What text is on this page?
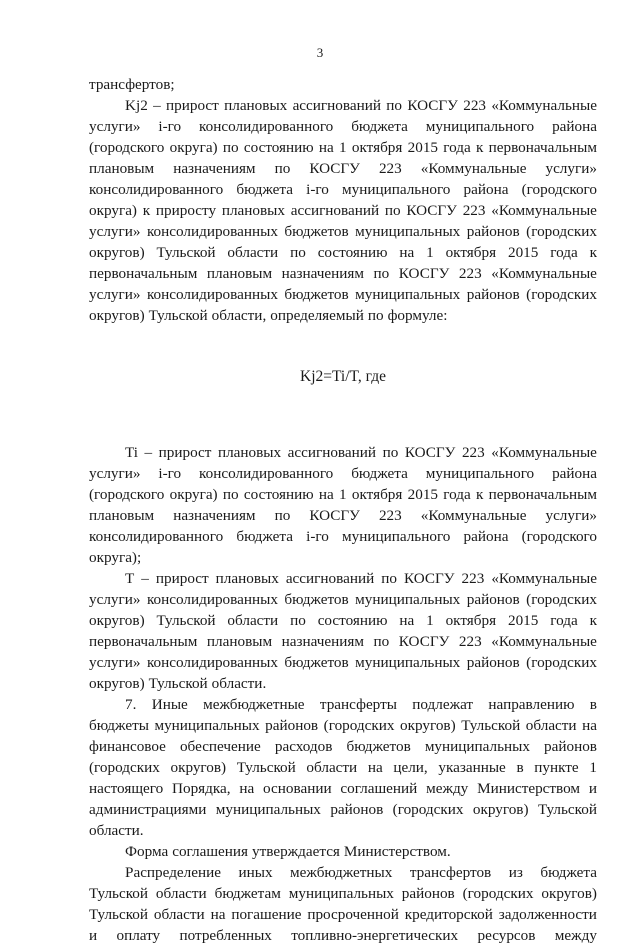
3
трансфертов;
Kj2 – прирост плановых ассигнований по КОСГУ 223 «Коммунальные
услуги» i-го консолидированного бюджета муниципального района
(городского округа) по состоянию на 1 октября 2015 года к первоначальным
плановым назначениям по КОСГУ 223 «Коммунальные услуги»
консолидированного бюджета i-го муниципального района (городского
округа) к приросту плановых ассигнований по КОСГУ 223 «Коммунальные
услуги» консолидированных бюджетов муниципальных районов (городских
округов) Тульской области по состоянию на 1 октября 2015 года к
первоначальным плановым назначениям по КОСГУ 223 «Коммунальные
услуги» консолидированных бюджетов муниципальных районов (городских
округов) Тульской области, определяемый по формуле:
Kj2=Ti/T, где
Ti – прирост плановых ассигнований по КОСГУ 223 «Коммунальные
услуги» i-го консолидированного бюджета муниципального района
(городского округа) по состоянию на 1 октября 2015 года к первоначальным
плановым назначениям по КОСГУ 223 «Коммунальные услуги»
консолидированного бюджета i-го муниципального района (городского
округа);
T – прирост плановых ассигнований по КОСГУ 223 «Коммунальные
услуги» консолидированных бюджетов муниципальных районов (городских
округов) Тульской области по состоянию на 1 октября 2015 года к
первоначальным плановым назначениям по КОСГУ 223 «Коммунальные
услуги» консолидированных бюджетов муниципальных районов (городских
округов) Тульской области.
7. Иные межбюджетные трансферты подлежат направлению в
бюджеты муниципальных районов (городских округов) Тульской области на
финансовое обеспечение расходов бюджетов муниципальных районов
(городских округов) Тульской области на цели, указанные в пункте 1
настоящего Порядка, на основании соглашений между Министерством и
администрациями муниципальных районов (городских округов) Тульской
области.
Форма соглашения утверждается Министерством.
Распределение иных межбюджетных трансфертов из бюджета
Тульской области бюджетам муниципальных районов (городских округов)
Тульской области на погашение просроченной кредиторской задолженности
и оплату потребленных топливно-энергетических ресурсов между
